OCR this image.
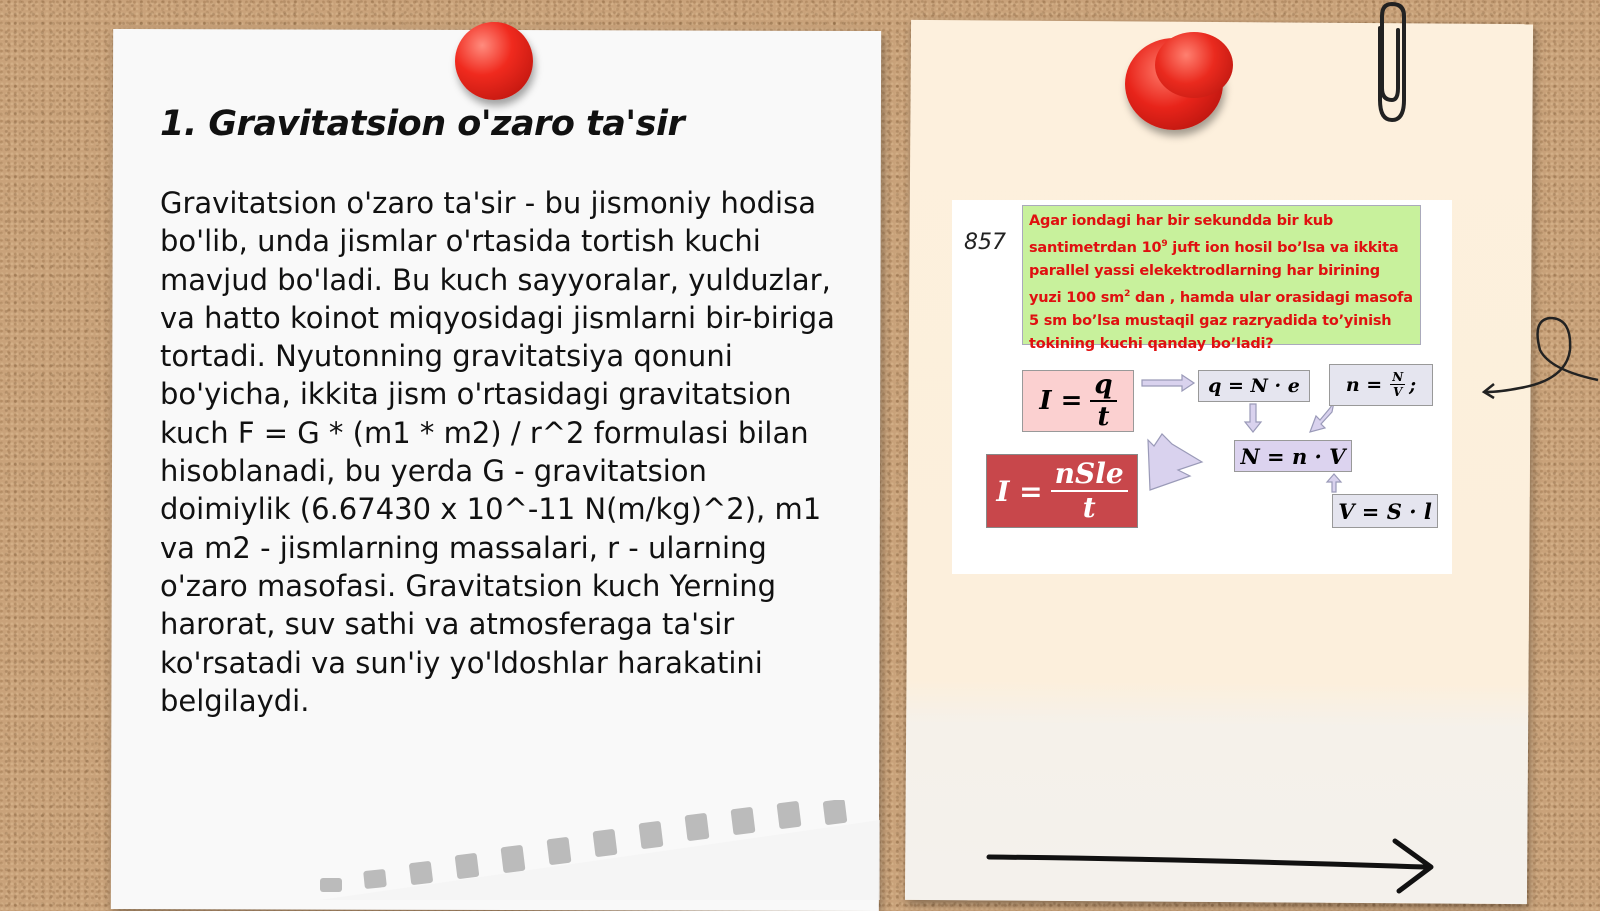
1. Gravitatsion o'zaro ta'sir

Gravitatsion o'zaro ta'sir - bu jismoniy hodisa bo'lib, unda jismlar o'rtasida tortish kuchi mavjud bo'ladi. Bu kuch sayyoralar, yulduzlar, va hatto koinot miqyosidagi jismlarni bir-biriga tortadi. Nyutonning gravitatsiya qonuni bo'yicha, ikkita jism o'rtasidagi gravitatsion kuch F = G * (m1 * m2) / r^2 formulasi bilan hisoblanadi, bu yerda G - gravitatsion doimiylik (6.67430 x 10^-11 N(m/kg)^2), m1 va m2 - jismlarning massalari, r - ularning o'zaro masofasi. Gravitatsion kuch Yerning harorat, suv sathi va atmosferaga ta'sir ko'rsatadi va sun'iy yo'ldoshlar harakatini belgilaydi.

857
Agar iondagi har bir sekundda bir kub santimetrdan $10^9$ juft ion hosil bo’lsa va ikkita parallel yassi elekektrodlarning har birining yuzi 100 $sm^2$ dan , hamda ular orasidagi masofa 5 sm bo’lsa mustaqil gaz razryadida to’yinish tokining kuchi qanday bo’ladi?
$I = \frac{q}{t}$	q = N · e	$n = \frac{N}{V}$ ;
N = n · V
V = S · l
$I = \frac{\text{nSle}}{t}$
